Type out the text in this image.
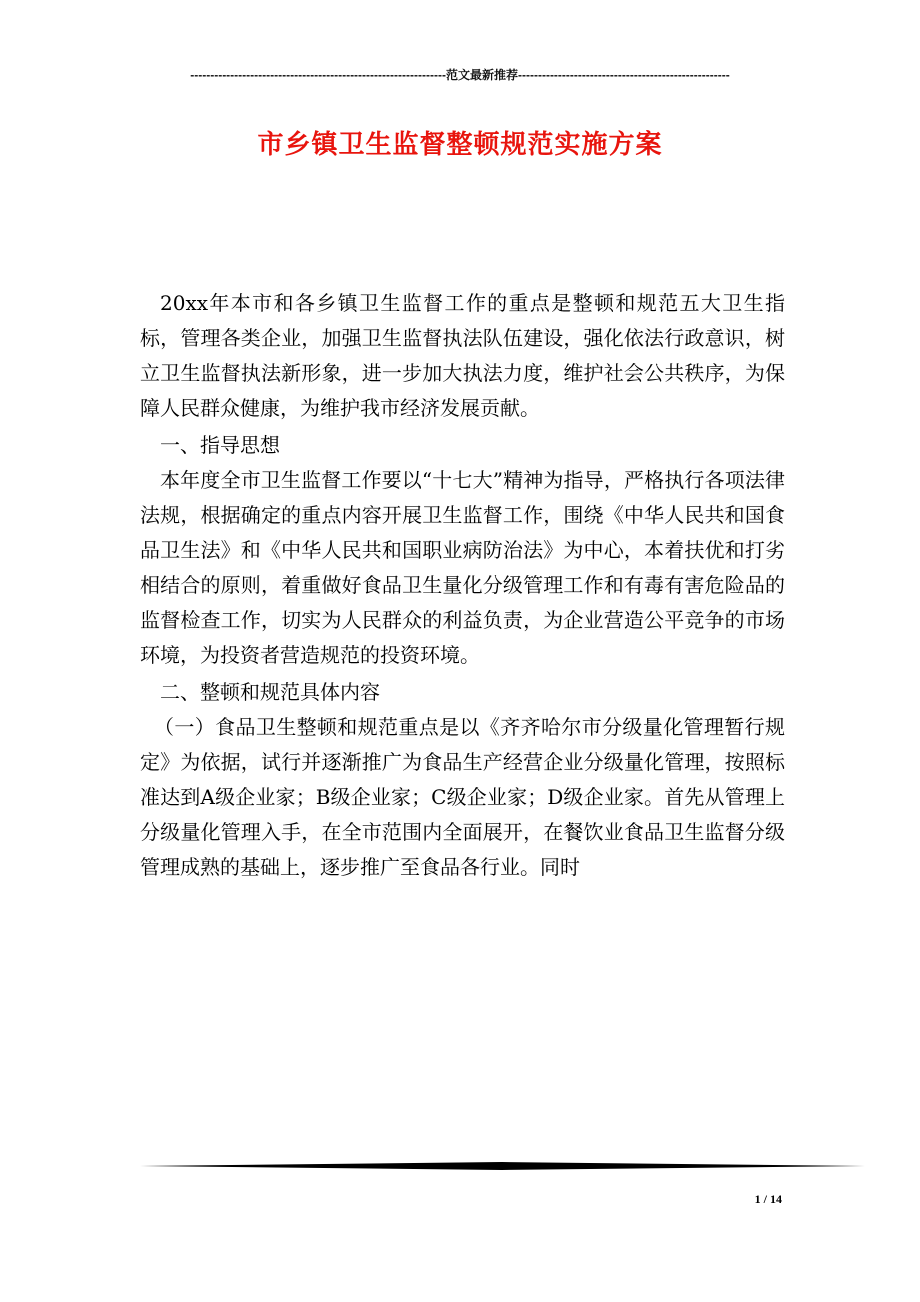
----------------------------------------------------------------范文最新推荐-----------------------------------------------------
市乡镇卫生监督整顿规范实施方案

20xx年本市和各乡镇卫生监督工作的重点是整顿和规范五大卫生指标，管理各类企业，加强卫生监督执法队伍建设，强化依法行政意识，树立卫生监督执法新形象，进一步加大执法力度，维护社会公共秩序，为保障人民群众健康，为维护我市经济发展贡献。

一、指导思想

本年度全市卫生监督工作要以“十七大”精神为指导，严格执行各项法律法规，根据确定的重点内容开展卫生监督工作，围绕《中华人民共和国食品卫生法》和《中华人民共和国职业病防治法》为中心，本着扶优和打劣相结合的原则，着重做好食品卫生量化分级管理工作和有毒有害危险品的监督检查工作，切实为人民群众的利益负责，为企业营造公平竞争的市场环境，为投资者营造规范的投资环境。

二、整顿和规范具体内容

（一）食品卫生整顿和规范重点是以《齐齐哈尔市分级量化管理暂行规定》为依据，试行并逐渐推广为食品生产经营企业分级量化管理，按照标准达到A级企业家；B级企业家；C级企业家；D级企业家。首先从管理上分级量化管理入手，在全市范围内全面展开，在餐饮业食品卫生监督分级管理成熟的基础上，逐步推广至食品各行业。同时

1 / 14
